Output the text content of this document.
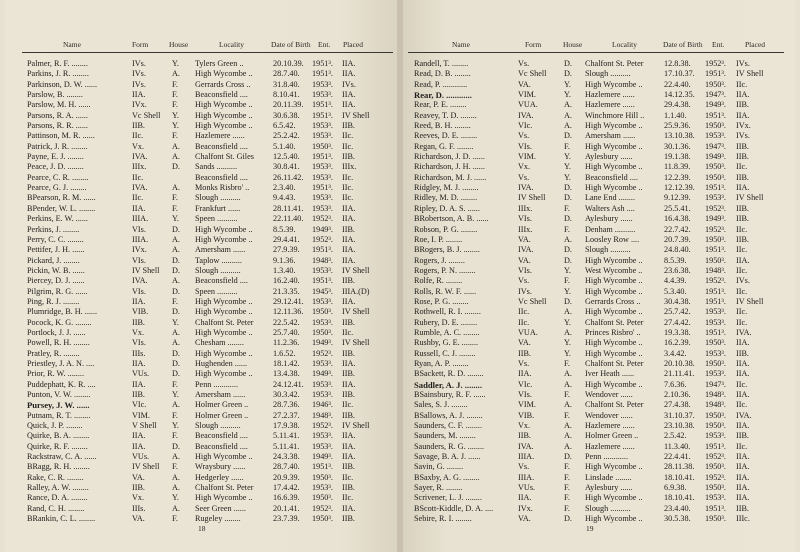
Name	Form	House	Locality	Date of Birth Ent. Placed
Palmer, R. F. ........	IVs.	Y. Tylers Green ..	20.10.39. 1951³. IIA.
Parkins, J. R. ........	IVs.	A. High Wycombe ..	28.7.40. 1951³. IIA.
Parkinson, D. W. ......	IVs.	F. Gerrards Cross ..	31.8.40. 1953³. IVs.
Parslow, B. ........	IIA.	F. Beaconsfield ....	8.10.41. 1953³. IIA.
Parslow, M. H. ......	IVx.	F. High Wycombe ..	20.11.39. 1951³. IIA.
Parsons, R. A. ......	Vc Shell Y. High Wycombe ..	30.6.38. 1951³. IV Shell
Parsons, R. R. ......	IIB.	Y. High Wycombe ..	6.5.42. 1953³. IIB.
Pattinson, M. R. ......	IIc.	F. Hazlemere ......	25.2.42. 1953³. IIc.
Patrick, J. R. ........	Vx.	A. Beaconsfield ....	5.1.40. 1950³. IIc.
Payne, E. J. ........	IVA.	A. Chalfont St. Giles	12.5.40. 1951³. IIB.
Peace, J. D. ........	IIIx.	D. Sands ..........	30.8.41. 1953³. IIIx.
Pearce, C. R. ........	IIc.	Beaconsfield ....	26.11.42. 1953³. IIc.
Pearce, G. J. ........	IVA.	A. Monks Risbro' ..	2.3.40. 1951³. IIc.
BPearson, R. M. ......	IIc.	F. Slough ..........	9.4.43. 1953³. IIc.
BPender, W. L. ........	IIA.	F. Frankfurt ......	28.11.41. 1953³. IIA.
Perkins, E. W. ......	IIIA.	Y. Speen ..........	22.11.40. 1952³. IIA.
Perkins, J. ........	VIs.	D. High Wycombe ..	8.5.39. 1949³. IIB.
Perry, C. C. ........	IIIA.	A. High Wycombe ..	29.4.41. 1952³. IIA.
Pettifer, J. H. ......	IVx.	A. Amersham ......	27.9.39. 1951³. IIA.
Pickard, J. ........	VIs.	D. Taplow ..........	9.1.36. 1948³. IIA.
Pickin, W. B. ......	IV Shell D. Slough ..........	1.3.40. 1953³. IV Shell
Piercey, D. J. ......	IVA.	A. Beaconsfield ....	16.2.40. 1951³. IIB.
Pilgrim, R. G. ......	VIs.	D. Speen ..........	21.3.35. 1945³. IIIA.(D)
Ping, R. J. ........	IIA.	F. High Wycombe ..	29.12.41. 1953³. IIA.
Plumridge, B. H. ......	VIB.	D. High Wycombe ..	12.11.36. 1950³. IV Shell
Pocock, K. G. ........	IIB.	Y. Chalfont St. Peter	22.5.42. 1953³. IIB.
Portlock, J. J. ......	Vx.	A. High Wycombe ..	25.7.40. 1950³. IIc.
Powell, R. H. ........	VIs.	A. Chesham ........	11.2.36. 1949³. IV Shell
Pratley, R. ........	IIIs.	D. High Wycombe ..	1.6.52. 1952³. IIB.
Priestley, J. A. N. ....	IIA.	D. Hughenden ......	18.1.42. 1953³. IIA.
Prior, R. W. ........	VUs.	D. High Wycombe ..	13.4.38. 1949³. IIB.
Puddephatt, K. R. ....	IIA.	F. Penn ............	24.12.41. 1953³. IIA.
Punton, V. W. ........	IIB.	Y. Amersham ......	30.3.42. 1953³. IIB.
Pursey, J. W. ......	VIc.	A. Holmer Green ..	28.7.36. 1946³. IIc.
Putnam, R. T. ........	VIM.	F. Holmer Green ..	27.2.37. 1948³. IIB.
Quick, J. P. ........	V Shell Y. Slough ..........	17.9.38. 1952³. IV Shell
Quirke, B. A. ........	IIA.	F. Beaconsfield ....	5.11.41. 1953³. IIA.
Quirke, R. F. ........	IIA.	D. Beaconsfield ....	5.11.41. 1953³. IIA.
Rackstraw, C. A. ......	VUs.	A. High Wycombe ..	24.3.38. 1949³. IIA.
BRagg, R. H. ........	IV Shell F. Wraysbury ......	28.7.40. 1951³. IIB.
Rake, C. R. ........	VA.	A. Hedgerley ......	20.9.39. 1950³. IIc.
Ralley, A. W. ........	IIB.	A. Chalfont St. Peter	17.4.42. 1953³. IIB.
Rance, D. A. ........	Vx.	Y. High Wycombe ..	16.6.39. 1950³. IIc.
Rand, C. H. ........	IIIs.	A. Seer Green ......	20.1.41. 1952³. IIA.
BRankin, C. L. ........	VA.	F. Rugeley ........	23.7.39. 1950³. IIB.
18
Name	Form	House	Locality	Date of Birth Ent.	Placed
Randell, T. ........	Vs.	D. Chalfont St. Peter	12.8.38. 1952³. IVs.
Read, D. B. ........	Vc Shell D. Slough ..........	17.10.37. 1951³. IV Shell
Read, P. ............	VA.	Y. High Wycombe ..	22.4.40. 1950³. IIc.
Rear, D. ............	VIM.	Y. Hazlemere ......	14.12.35. 1947³. IIA.
Rear, P. E. ........	VUA.	A. Hazlemere ......	29.4.38. 1949³. IIB.
Reavey, T. D. ........	IVA.	A. Winchmore Hill ..	1.1.40. 1951³. IIA.
Reed, B. H. ........	VIc.	A. High Wycombe ..	25.9.36. 1950³. IVx.
Reeves, D. E. ........	Vs.	D. Amersham ......	13.10.38. 1953³. IVs.
Regan, G. F. ........	VIs.	F. High Wycombe ..	30.1.36. 1947³. IIB.
Richardson, J. D. ......	VIM.	Y. Aylesbury ......	19.1.38. 1949³. IIB.
Richardson, J. H. ......	Vx.	Y. High Wycombe ..	11.8.39. 1950³. IIc.
Richardson, M. J. ......	Vs.	Y. Beaconsfield ....	12.2.39. 1950³. IIB.
Ridgley, M. J. ........	IVA.	D. High Wycombe ..	12.12.39. 1951³. IIA.
Ridley, M. D. ........	IV Shell D. Lane End ........	9.12.39. 1953³. IV Shell
Ripley, D. A. S. ......	IIIx.	F. Walters Ash ....	25.5.41. 1952³. IIB.
BRobertson, A. B. ......	VIs.	D. Aylesbury ......	16.4.38. 1949³. IIB.
Robson, P. G. ........	IIIx.	F. Denham ..........	22.7.42. 1952³. IIc.
Roe, I. P. ........	VA.	A. Loosley Row ....	20.7.39. 1950³. IIB.
BRogers, B. J. ........	IVA.	D. Slough ..........	24.8.40. 1951³. IIc.
Rogers, J. ........	VA.	D. High Wycombe ..	8.5.39. 1950³. IIA.
Rogers, P. N. ........	VIs.	Y. West Wycombe ..	23.6.38. 1948³. IIc.
Rolfe, R. ........	Vs.	F. High Wycombe ..	4.4.39. 1952³. IVs.
Rolls, R. W. F. ......	IVs.	Y. High Wycombe ..	5.3.40. 1951³. IIc.
Rose, P. G. ........	Vc Shell D. Gerrards Cross ..	30.4.38. 1951³. IV Shell
Rothwell, R. I. ........	IIc.	A. High Wycombe ..	25.7.42. 1953³. IIc.
Rubery, D. E. ........	IIc.	Y. Chalfont St. Peter	27.4.42. 1953³. IIc.
Rumble, A. C. ........	VUA.	A. Princes Risbro' ..	19.3.38. 1951³. IVA.
Rushby, G. E. ........	VA.	Y. High Wycombe ..	16.2.39. 1950³. IIA.
Russell, C. J. ........	IIB.	Y. High Wycombe ..	3.4.42. 1953³. IIB.
Ryan, A. P. ........	Vs.	F. Chalfont St. Peter	20.10.38. 1950³. IIA.
BSackett, R. D. ........	IIA.	A. Iver Heath ......	21.11.41. 1953³. IIA.
Saddler, A. J. ........	VIc.	A. High Wycombe ..	7.6.36. 1947³. IIc.
BSainsbury, R. F. ......	VIs.	F. Wendover ......	2.10.36. 1948³. IIA.
Sales, S. J. ........	VIM.	A. Chalfont St. Peter	27.4.38. 1948³. IIc.
BSallows, A. J. ........	VIB.	F. Wendover ......	31.10.37. 1950³. IVA.
Saunders, C. F. ........	Vx.	A. Hazlemere ......	23.10.38. 1950³. IIA.
Saunders, M. ........	IIB.	A. Holmer Green ..	2.5.42. 1953³. IIB.
Saunders, R. G. ........	IVA.	A. Hazlemere ......	11.3.40. 1951³. IIc.
Savage, B. A. J. ......	IIIA.	D. Penn ............	22.4.41. 1952³. IIA.
Savin, G. ........	Vs.	F. High Wycombe ..	28.11.38. 1950³. IIA.
BSaxby, A. G. ........	IIIA.	F. Linslade ........	18.10.41. 1952³. IIA.
Sayer, R. ........	VUs.	F. Aylesbury ......	6.9.38. 1950³. IIA.
Scrivener, L. J. ........	IIA.	F. High Wycombe ..	18.10.41. 1953³. IIA.
BScott-Kiddle, D. A. ....	IVx.	F. Slough ..........	23.4.40. 1951³. IIB.
Sebire, R. I. ........	VA.	D. High Wycombe ..	30.5.38. 1950³. IIIc.
19
